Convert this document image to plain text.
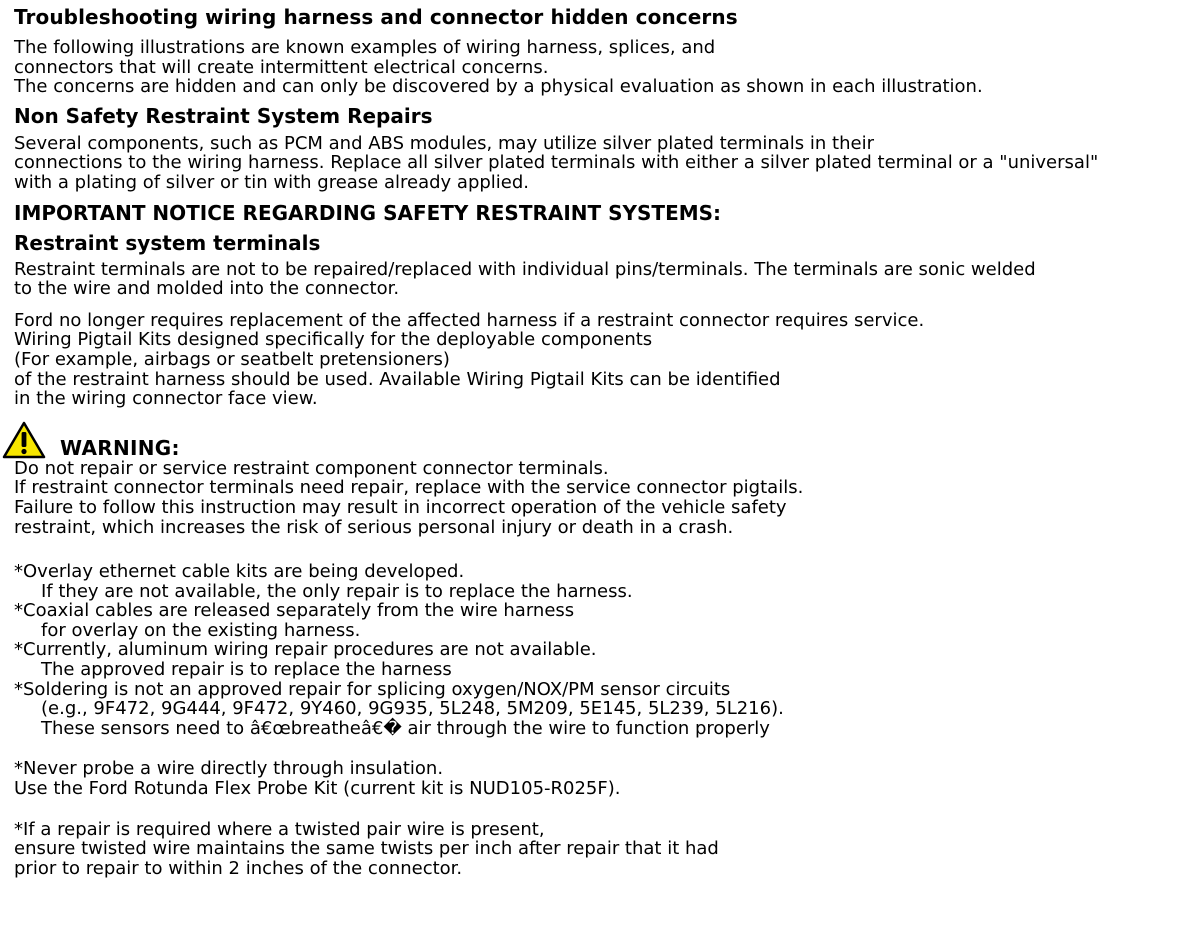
Troubleshooting wiring harness and connector hidden concerns

The following illustrations are known examples of wiring harness, splices, and
connectors that will create intermittent electrical concerns.
The concerns are hidden and can only be discovered by a physical evaluation as shown in each illustration.

Non Safety Restraint System Repairs

Several components, such as PCM and ABS modules, may utilize silver plated terminals in their
connections to the wiring harness. Replace all silver plated terminals with either a silver plated terminal or a "universal"
with a plating of silver or tin with grease already applied.

IMPORTANT NOTICE REGARDING SAFETY RESTRAINT SYSTEMS:
Restraint system terminals

Restraint terminals are not to be repaired/replaced with individual pins/terminals. The terminals are sonic welded
to the wire and molded into the connector.

Ford no longer requires replacement of the affected harness if a restraint connector requires service.
Wiring Pigtail Kits designed specifically for the deployable components
(For example, airbags or seatbelt pretensioners)
of the restraint harness should be used. Available Wiring Pigtail Kits can be identified
in the wiring connector face view.

WARNING:

Do not repair or service restraint component connector terminals.
If restraint connector terminals need repair, replace with the service connector pigtails.
Failure to follow this instruction may result in incorrect operation of the vehicle safety
restraint, which increases the risk of serious personal injury or death in a crash.

*Overlay ethernet cable kits are being developed.
If they are not available, the only repair is to replace the harness.
*Coaxial cables are released separately from the wire harness
for overlay on the existing harness.
*Currently, aluminum wiring repair procedures are not available.
The approved repair is to replace the harness
*Soldering is not an approved repair for splicing oxygen/NOX/PM sensor circuits
(e.g., 9F472, 9G444, 9F472, 9Y460, 9G935, 5L248, 5M209, 5E145, 5L239, 5L216).
These sensors need to â€œbreatheâ€� air through the wire to function properly

*Never probe a wire directly through insulation.
Use the Ford Rotunda Flex Probe Kit (current kit is NUD105-R025F).

*If a repair is required where a twisted pair wire is present,
ensure twisted wire maintains the same twists per inch after repair that it had
prior to repair to within 2 inches of the connector.
